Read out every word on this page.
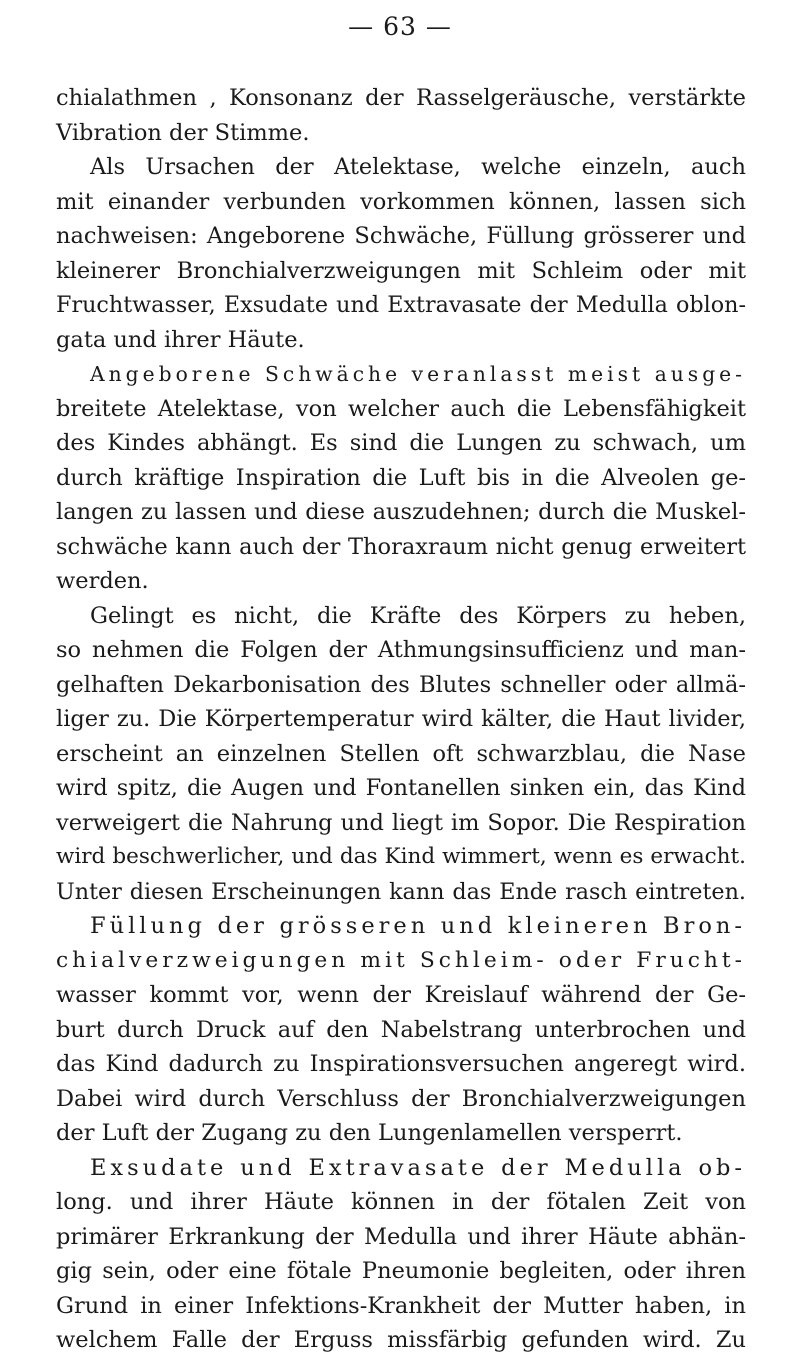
— 63 —
chialathmen , Konsonanz der Rasselgeräusche, verstärkte
Vibration der Stimme.
Als Ursachen der Atelektase, welche einzeln, auch
mit einander verbunden vorkommen können, lassen sich
nachweisen: Angeborene Schwäche, Füllung grösserer und
kleinerer Bronchialverzweigungen mit Schleim oder mit
Fruchtwasser, Exsudate und Extravasate der Medulla oblon-
gata und ihrer Häute.
Angeborene Schwäche veranlasst meist ausge-
breitete Atelektase, von welcher auch die Lebensfähigkeit
des Kindes abhängt. Es sind die Lungen zu schwach, um
durch kräftige Inspiration die Luft bis in die Alveolen ge-
langen zu lassen und diese auszudehnen; durch die Muskel-
schwäche kann auch der Thoraxraum nicht genug erweitert
werden.
Gelingt es nicht, die Kräfte des Körpers zu heben,
so nehmen die Folgen der Athmungsinsufficienz und man-
gelhaften Dekarbonisation des Blutes schneller oder allmä-
liger zu. Die Körpertemperatur wird kälter, die Haut livider,
erscheint an einzelnen Stellen oft schwarzblau, die Nase
wird spitz, die Augen und Fontanellen sinken ein, das Kind
verweigert die Nahrung und liegt im Sopor. Die Respiration
wird beschwerlicher, und das Kind wimmert, wenn es erwacht.
Unter diesen Erscheinungen kann das Ende rasch eintreten.
Füllung der grösseren und kleineren Bron-
chialverzweigungen mit Schleim- oder Frucht-
wasser kommt vor, wenn der Kreislauf während der Ge-
burt durch Druck auf den Nabelstrang unterbrochen und
das Kind dadurch zu Inspirationsversuchen angeregt wird.
Dabei wird durch Verschluss der Bronchialverzweigungen
der Luft der Zugang zu den Lungenlamellen versperrt.
Exsudate und Extravasate der Medulla ob-
long. und ihrer Häute können in der fötalen Zeit von
primärer Erkrankung der Medulla und ihrer Häute abhän-
gig sein, oder eine fötale Pneumonie begleiten, oder ihren
Grund in einer Infektions-Krankheit der Mutter haben, in
welchem Falle der Erguss missfärbig gefunden wird. Zu
